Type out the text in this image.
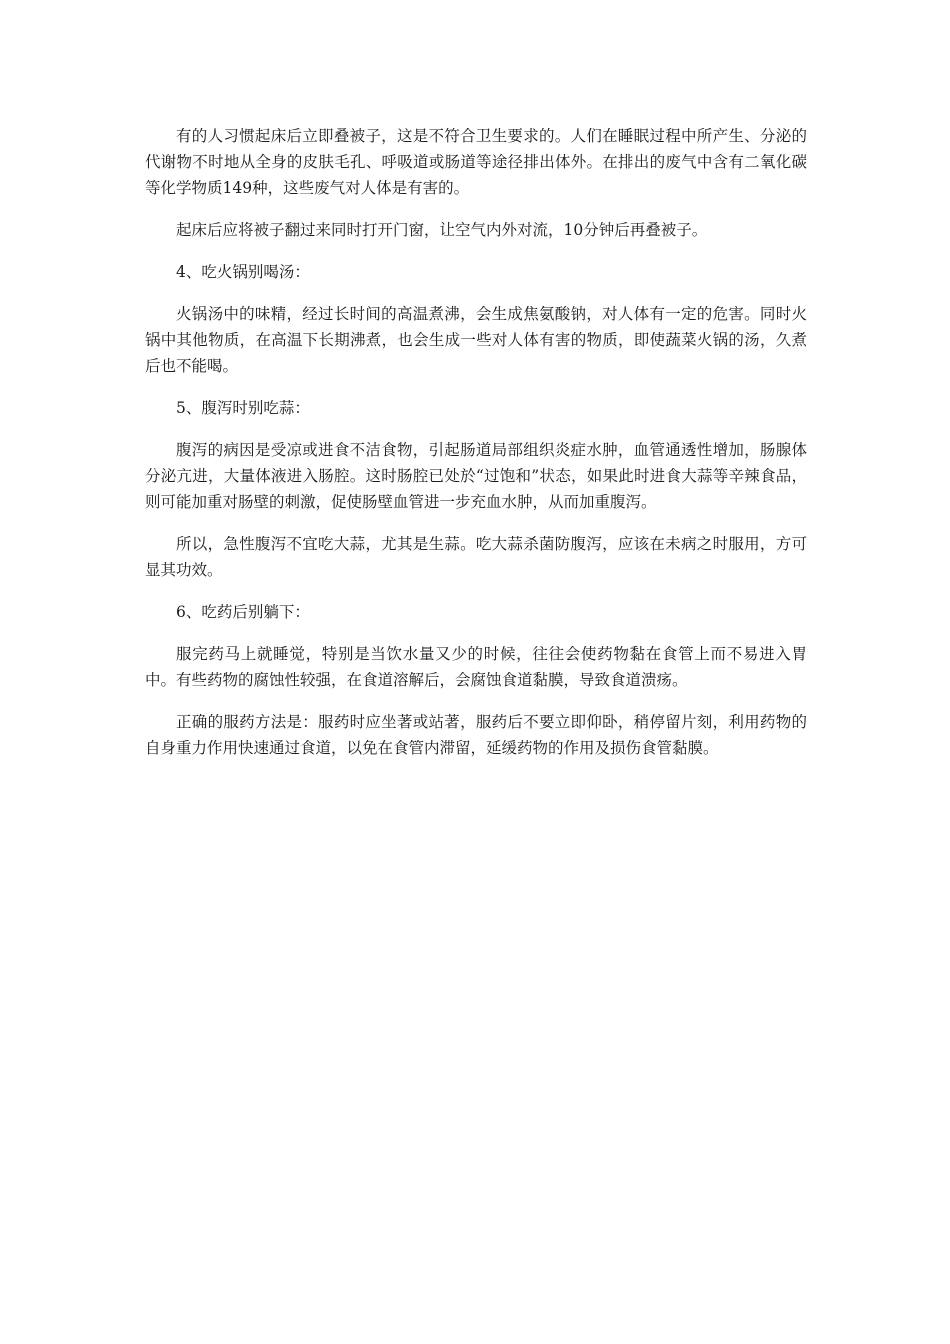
有的人习惯起床后立即叠被子，这是不符合卫生要求的。人们在睡眠过程中所产生、分泌的代谢物不时地从全身的皮肤毛孔、呼吸道或肠道等途径排出体外。在排出的废气中含有二氧化碳等化学物质149种，这些废气对人体是有害的。

起床后应将被子翻过来同时打开门窗，让空气内外对流，10分钟后再叠被子。

4、吃火锅别喝汤：

火锅汤中的味精，经过长时间的高温煮沸，会生成焦氨酸钠，对人体有一定的危害。同时火锅中其他物质，在高温下长期沸煮，也会生成一些对人体有害的物质，即使蔬菜火锅的汤，久煮后也不能喝。

5、腹泻时别吃蒜：

腹泻的病因是受凉或进食不洁食物，引起肠道局部组织炎症水肿，血管通透性增加，肠腺体分泌亢进，大量体液进入肠腔。这时肠腔已处於“过饱和”状态，如果此时进食大蒜等辛辣食品，则可能加重对肠壁的刺激，促使肠壁血管进一步充血水肿，从而加重腹泻。

所以，急性腹泻不宜吃大蒜，尤其是生蒜。吃大蒜杀菌防腹泻，应该在未病之时服用，方可显其功效。

6、吃药后别躺下：

服完药马上就睡觉，特别是当饮水量又少的时候，往往会使药物黏在食管上而不易进入胃中。有些药物的腐蚀性较强，在食道溶解后，会腐蚀食道黏膜，导致食道溃疡。

正确的服药方法是：服药时应坐著或站著，服药后不要立即仰卧，稍停留片刻，利用药物的自身重力作用快速通过食道，以免在食管内滞留，延缓药物的作用及损伤食管黏膜。
